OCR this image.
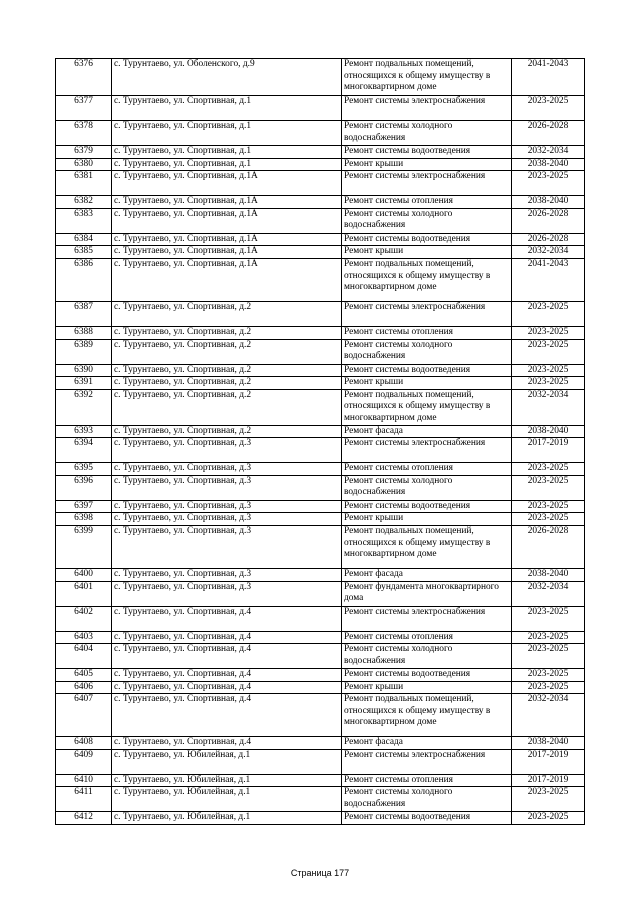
6376	с. Турунтаево, ул. Оболенского, д.9	Ремонт подвальных помещений, относящихся к общему имуществу в многоквартирном доме	2041-2043
6377	с. Турунтаево, ул. Спортивная, д.1	Ремонт системы электроснабжения	2023-2025
6378	с. Турунтаево, ул. Спортивная, д.1	Ремонт системы холодного водоснабжения	2026-2028
6379	с. Турунтаево, ул. Спортивная, д.1	Ремонт системы водоотведения	2032-2034
6380	с. Турунтаево, ул. Спортивная, д.1	Ремонт крыши	2038-2040
6381	с. Турунтаево, ул. Спортивная, д.1А	Ремонт системы электроснабжения	2023-2025
6382	с. Турунтаево, ул. Спортивная, д.1А	Ремонт системы отопления	2038-2040
6383	с. Турунтаево, ул. Спортивная, д.1А	Ремонт системы холодного водоснабжения	2026-2028
6384	с. Турунтаево, ул. Спортивная, д.1А	Ремонт системы водоотведения	2026-2028
6385	с. Турунтаево, ул. Спортивная, д.1А	Ремонт крыши	2032-2034
6386	с. Турунтаево, ул. Спортивная, д.1А	Ремонт подвальных помещений, относящихся к общему имуществу в многоквартирном доме	2041-2043
6387	с. Турунтаево, ул. Спортивная, д.2	Ремонт системы электроснабжения	2023-2025
6388	с. Турунтаево, ул. Спортивная, д.2	Ремонт системы отопления	2023-2025
6389	с. Турунтаево, ул. Спортивная, д.2	Ремонт системы холодного водоснабжения	2023-2025
6390	с. Турунтаево, ул. Спортивная, д.2	Ремонт системы водоотведения	2023-2025
6391	с. Турунтаево, ул. Спортивная, д.2	Ремонт крыши	2023-2025
6392	с. Турунтаево, ул. Спортивная, д.2	Ремонт подвальных помещений, относящихся к общему имуществу в многоквартирном доме	2032-2034
6393	с. Турунтаево, ул. Спортивная, д.2	Ремонт фасада	2038-2040
6394	с. Турунтаево, ул. Спортивная, д.3	Ремонт системы электроснабжения	2017-2019
6395	с. Турунтаево, ул. Спортивная, д.3	Ремонт системы отопления	2023-2025
6396	с. Турунтаево, ул. Спортивная, д.3	Ремонт системы холодного водоснабжения	2023-2025
6397	с. Турунтаево, ул. Спортивная, д.3	Ремонт системы водоотведения	2023-2025
6398	с. Турунтаево, ул. Спортивная, д.3	Ремонт крыши	2023-2025
6399	с. Турунтаево, ул. Спортивная, д.3	Ремонт подвальных помещений, относящихся к общему имуществу в многоквартирном доме	2026-2028
6400	с. Турунтаево, ул. Спортивная, д.3	Ремонт фасада	2038-2040
6401	с. Турунтаево, ул. Спортивная, д.3	Ремонт фундамента многоквартирного дома	2032-2034
6402	с. Турунтаево, ул. Спортивная, д.4	Ремонт системы электроснабжения	2023-2025
6403	с. Турунтаево, ул. Спортивная, д.4	Ремонт системы отопления	2023-2025
6404	с. Турунтаево, ул. Спортивная, д.4	Ремонт системы холодного водоснабжения	2023-2025
6405	с. Турунтаево, ул. Спортивная, д.4	Ремонт системы водоотведения	2023-2025
6406	с. Турунтаево, ул. Спортивная, д.4	Ремонт крыши	2023-2025
6407	с. Турунтаево, ул. Спортивная, д.4	Ремонт подвальных помещений, относящихся к общему имуществу в многоквартирном доме	2032-2034
6408	с. Турунтаево, ул. Спортивная, д.4	Ремонт фасада	2038-2040
6409	с. Турунтаево, ул. Юбилейная, д.1	Ремонт системы электроснабжения	2017-2019
6410	с. Турунтаево, ул. Юбилейная, д.1	Ремонт системы отопления	2017-2019
6411	с. Турунтаево, ул. Юбилейная, д.1	Ремонт системы холодного водоснабжения	2023-2025
6412	с. Турунтаево, ул. Юбилейная, д.1	Ремонт системы водоотведения	2023-2025
Страница 177
